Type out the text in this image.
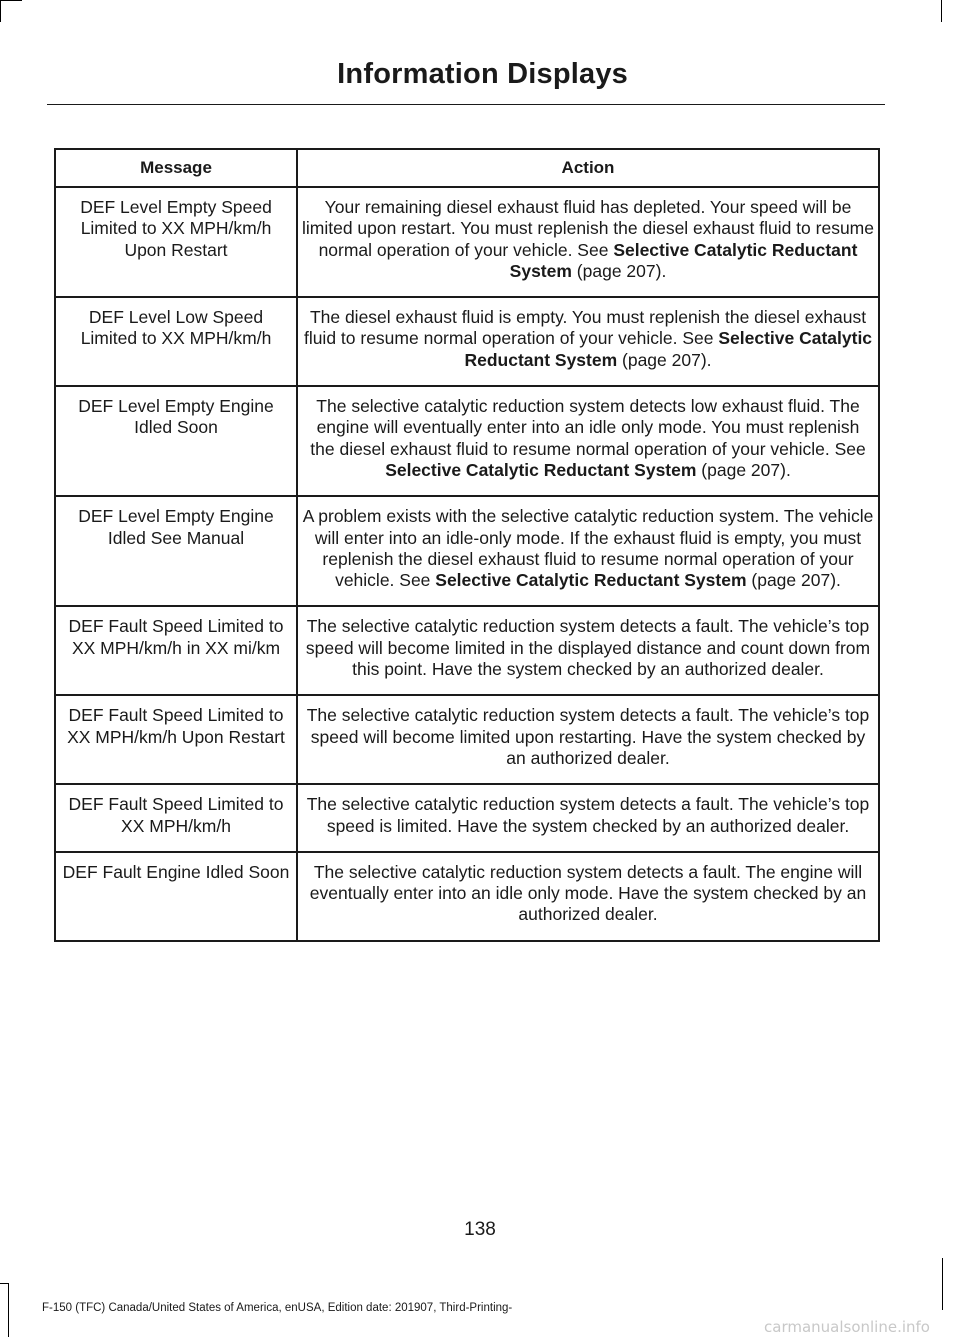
Information Displays
Message	Action
DEF Level Empty Speed Limited to XX MPH/km/h Upon Restart	Your remaining diesel exhaust fluid has depleted. Your speed will be limited upon restart. You must replenish the diesel exhaust fluid to resume normal operation of your vehicle. See Selective Catalytic Reductant System (page 207).
DEF Level Low Speed Limited to XX MPH/km/h	The diesel exhaust fluid is empty. You must replenish the diesel exhaust fluid to resume normal operation of your vehicle. See Selective Catalytic Reductant System (page 207).
DEF Level Empty Engine Idled Soon	The selective catalytic reduction system detects low exhaust fluid. The engine will eventually enter into an idle only mode. You must replenish the diesel exhaust fluid to resume normal operation of your vehicle. See Selective Catalytic Reductant System (page 207).
DEF Level Empty Engine Idled See Manual	A problem exists with the selective catalytic reduction system. The vehicle will enter into an idle-only mode. If the exhaust fluid is empty, you must replenish the diesel exhaust fluid to resume normal operation of your vehicle. See Selective Catalytic Reductant System (page 207).
DEF Fault Speed Limited to XX MPH/km/h in XX mi/km	The selective catalytic reduction system detects a fault. The vehicle’s top speed will become limited in the displayed distance and count down from this point. Have the system checked by an authorized dealer.
DEF Fault Speed Limited to XX MPH/km/h Upon Restart	The selective catalytic reduction system detects a fault. The vehicle’s top speed will become limited upon restarting. Have the system checked by an authorized dealer.
DEF Fault Speed Limited to XX MPH/km/h	The selective catalytic reduction system detects a fault. The vehicle’s top speed is limited. Have the system checked by an authorized dealer.
DEF Fault Engine Idled Soon	The selective catalytic reduction system detects a fault. The engine will eventually enter into an idle only mode. Have the system checked by an authorized dealer.
138
F-150 (TFC) Canada/United States of America, enUSA, Edition date: 201907, Third-Printing-
carmanualsonline.info
